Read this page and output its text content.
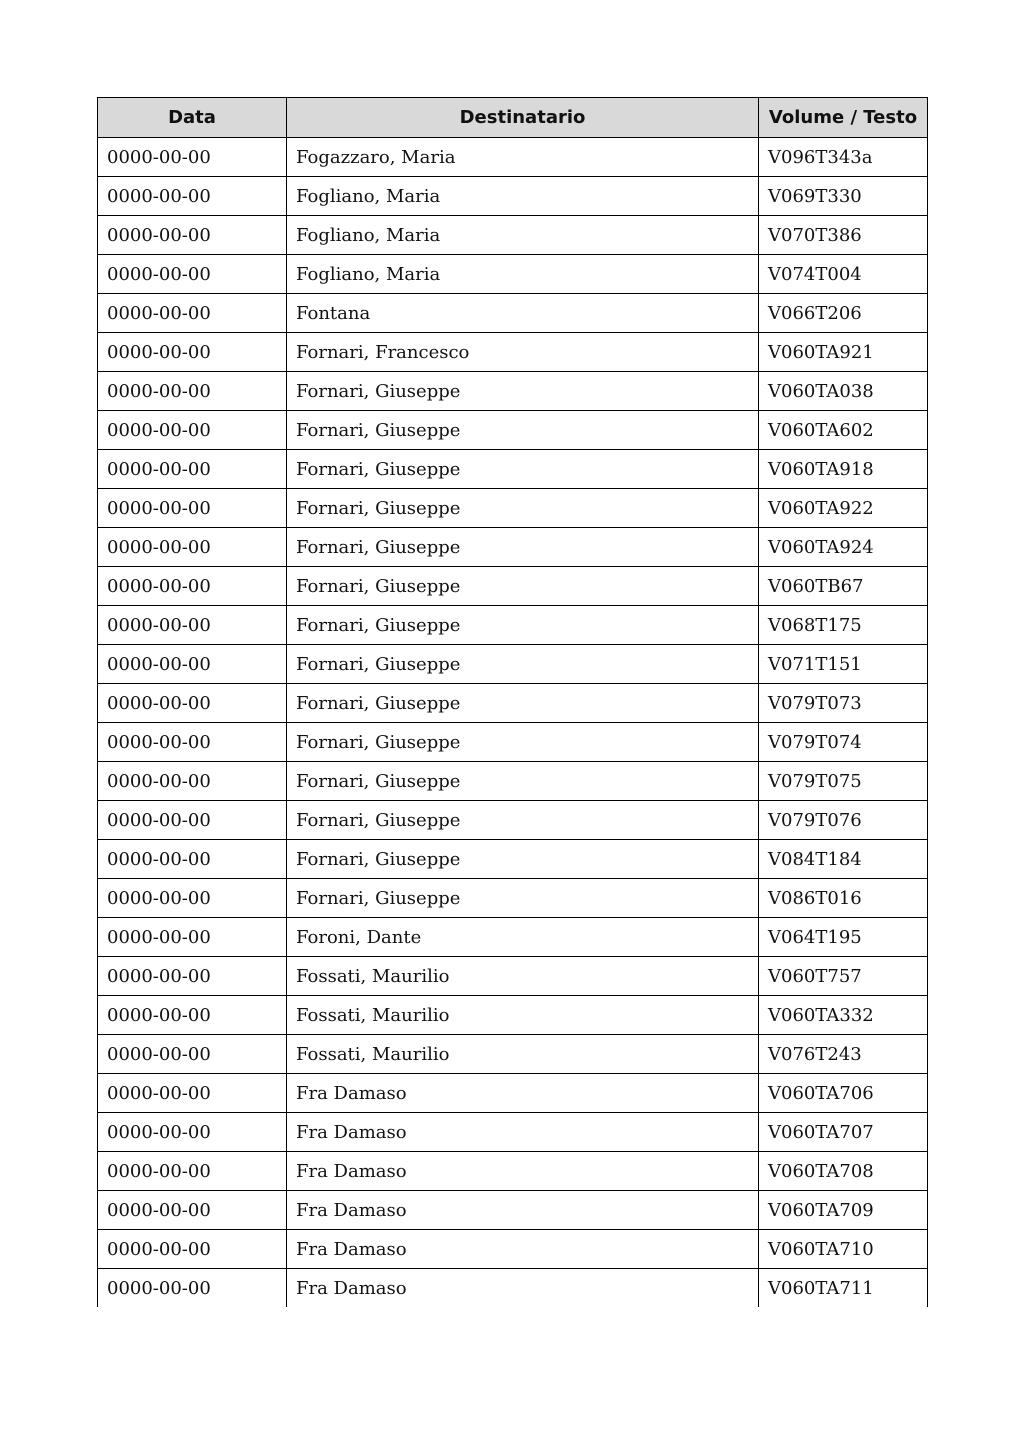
Data	Destinatario	Volume / Testo
0000-00-00	Fogazzaro, Maria	V096T343a
0000-00-00	Fogliano, Maria	V069T330
0000-00-00	Fogliano, Maria	V070T386
0000-00-00	Fogliano, Maria	V074T004
0000-00-00	Fontana	V066T206
0000-00-00	Fornari, Francesco	V060TA921
0000-00-00	Fornari, Giuseppe	V060TA038
0000-00-00	Fornari, Giuseppe	V060TA602
0000-00-00	Fornari, Giuseppe	V060TA918
0000-00-00	Fornari, Giuseppe	V060TA922
0000-00-00	Fornari, Giuseppe	V060TA924
0000-00-00	Fornari, Giuseppe	V060TB67
0000-00-00	Fornari, Giuseppe	V068T175
0000-00-00	Fornari, Giuseppe	V071T151
0000-00-00	Fornari, Giuseppe	V079T073
0000-00-00	Fornari, Giuseppe	V079T074
0000-00-00	Fornari, Giuseppe	V079T075
0000-00-00	Fornari, Giuseppe	V079T076
0000-00-00	Fornari, Giuseppe	V084T184
0000-00-00	Fornari, Giuseppe	V086T016
0000-00-00	Foroni, Dante	V064T195
0000-00-00	Fossati, Maurilio	V060T757
0000-00-00	Fossati, Maurilio	V060TA332
0000-00-00	Fossati, Maurilio	V076T243
0000-00-00	Fra Damaso	V060TA706
0000-00-00	Fra Damaso	V060TA707
0000-00-00	Fra Damaso	V060TA708
0000-00-00	Fra Damaso	V060TA709
0000-00-00	Fra Damaso	V060TA710
0000-00-00	Fra Damaso	V060TA711
